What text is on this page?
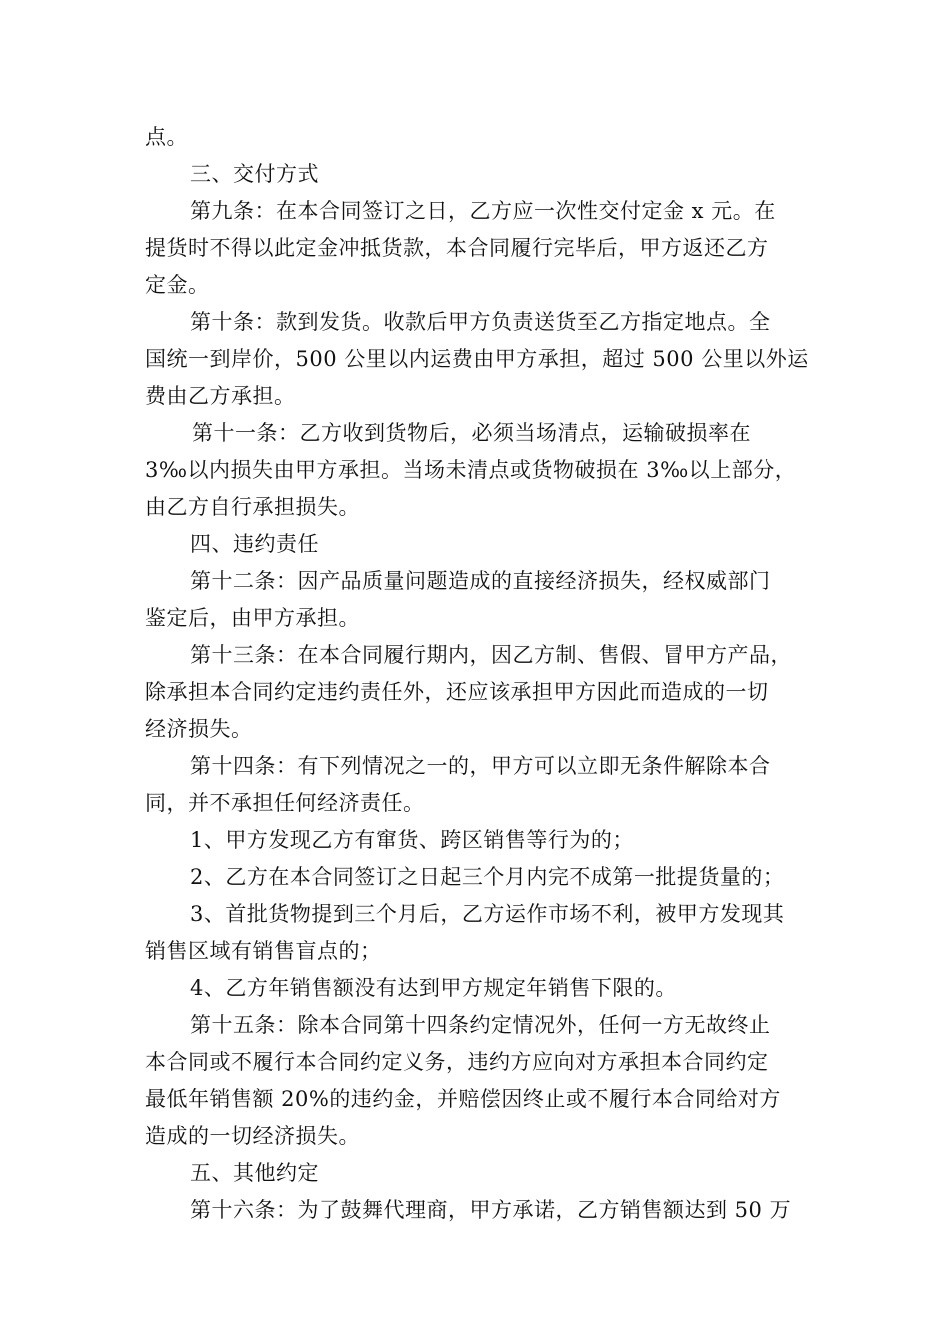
点。
三、交付方式
第九条：在本合同签订之日，乙方应一次性交付定金 x 元。在
提货时不得以此定金冲抵货款，本合同履行完毕后，甲方返还乙方
定金。
第十条：款到发货。收款后甲方负责送货至乙方指定地点。全
国统一到岸价，500 公里以内运费由甲方承担，超过 500 公里以外运
费由乙方承担。
第十一条：乙方收到货物后，必须当场清点，运输破损率在
3‰以内损失由甲方承担。当场未清点或货物破损在 3‰以上部分，
由乙方自行承担损失。
四、违约责任
第十二条：因产品质量问题造成的直接经济损失，经权威部门
鉴定后，由甲方承担。
第十三条：在本合同履行期内，因乙方制、售假、冒甲方产品，
除承担本合同约定违约责任外，还应该承担甲方因此而造成的一切
经济损失。
第十四条：有下列情况之一的，甲方可以立即无条件解除本合
同，并不承担任何经济责任。
1、甲方发现乙方有窜货、跨区销售等行为的；
2、乙方在本合同签订之日起三个月内完不成第一批提货量的；
3、首批货物提到三个月后，乙方运作市场不利，被甲方发现其
销售区域有销售盲点的；
4、乙方年销售额没有达到甲方规定年销售下限的。
第十五条：除本合同第十四条约定情况外，任何一方无故终止
本合同或不履行本合同约定义务，违约方应向对方承担本合同约定
最低年销售额 20%的违约金，并赔偿因终止或不履行本合同给对方
造成的一切经济损失。
五、其他约定
第十六条：为了鼓舞代理商，甲方承诺，乙方销售额达到 50 万
